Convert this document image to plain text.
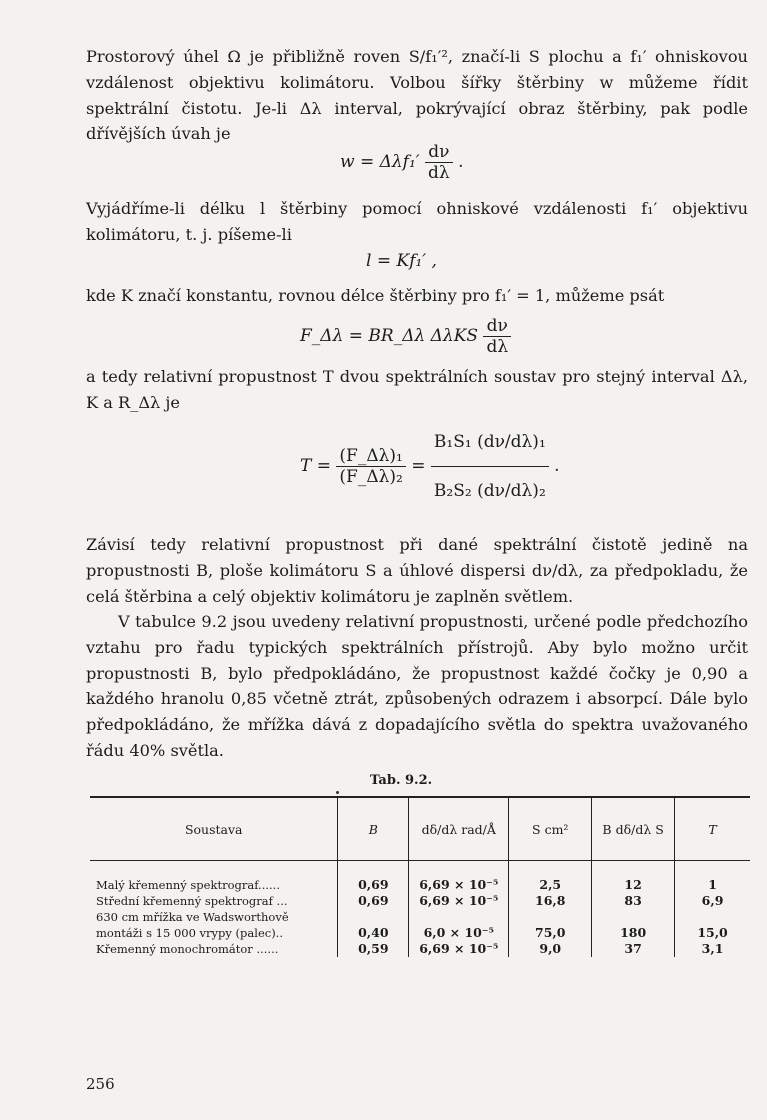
Prostorový úhel Ω je přibližně roven S/f₁′², značí-li S plochu a f₁′ ohniskovou vzdálenost objektivu kolimátoru. Volbou šířky štěrbiny w můžeme řídit spektrální čistotu. Je-li Δλ interval, pokrývající obraz štěrbiny, pak podle dřívějších úvah je

$w = \Delta\lambda f_1' \frac{d\nu}{d\lambda}$ .

Vyjádříme-li délku l štěrbiny pomocí ohniskové vzdálenosti f₁′ objektivu kolimátoru, t. j. píšeme-li

l = Kf₁′ ,

kde K značí konstantu, rovnou délce štěrbiny pro f₁′ = 1, můžeme psát

F_Δλ = BR_Δλ ΔλKS $\frac{d\nu}{d\lambda}$

a tedy relativní propustnost T dvou spektrálních soustav pro stejný interval Δλ, K a R_Δλ je

$T = \frac{\text{(F\_Δλ)₁}}{\text{(F\_Δλ)₂}} = \frac{\text{B₁S₁ (dν/dλ)₁}}{\text{B₂S₂ (dν/dλ)₂}}$ .

Závisí tedy relativní propustnost při dané spektrální čistotě jedině na propustnosti B, ploše kolimátoru S a úhlové dispersi dν/dλ, za předpokladu, že celá štěrbina a celý objektiv kolimátoru je zaplněn světlem.

V tabulce 9.2 jsou uvedeny relativní propustnosti, určené podle předchozího vztahu pro řadu typických spektrálních přístrojů. Aby bylo možno určit propustnosti B, bylo předpokládáno, že propustnost každé čočky je 0,90 a každého hranolu 0,85 včetně ztrát, způsobených odrazem i absorpcí. Dále bylo předpokládáno, že mřížka dává z dopadajícího světla do spektra uvažovaného řádu 40% světla.

Tab. 9.2.
Soustava	B	dδ/dλ rad/Å	S cm²	B dδ/dλ S	T
Malý křemenný spektrograf......	0,69	6,69 × 10⁻⁵	2,5	12	1
Střední křemenný spektrograf ...	0,69	6,69 × 10⁻⁵	16,8	83	6,9
630 cm mřížka ve Wadsworthově montáži s 15 000 vrypy (palec)..	0,40	6,0 × 10⁻⁵	75,0	180	15,0
Křemenný monochromátor ......	0,59	6,69 × 10⁻⁵	9,0	37	3,1
256
